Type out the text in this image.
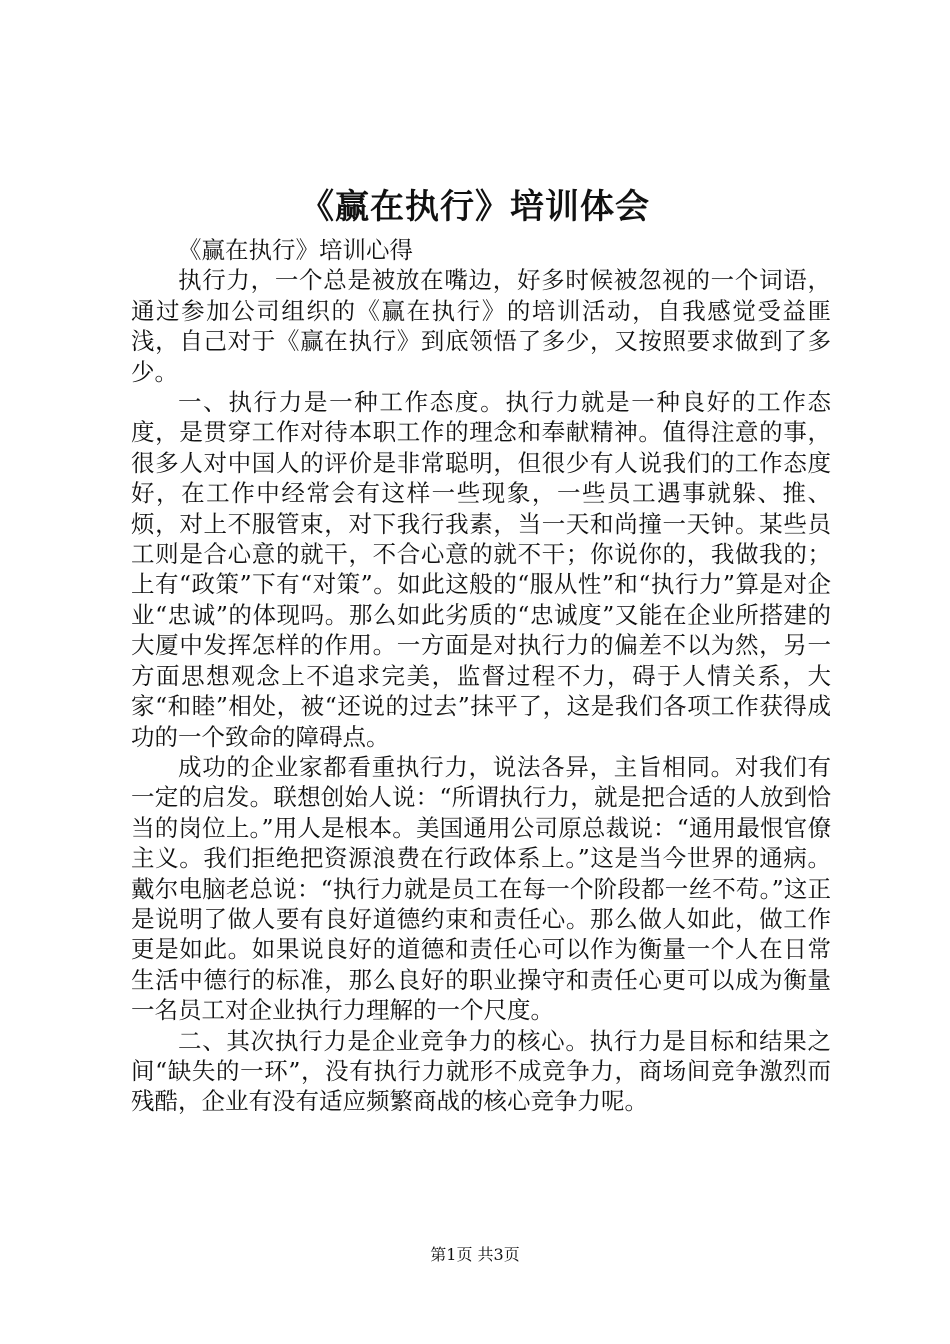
《赢在执行》培训体会

《赢在执行》培训心得

执行力，一个总是被放在嘴边，好多时候被忽视的一个词语，通过参加公司组织的《赢在执行》的培训活动，自我感觉受益匪浅，自己对于《赢在执行》到底领悟了多少，又按照要求做到了多少。

一、执行力是一种工作态度。执行力就是一种良好的工作态度，是贯穿工作对待本职工作的理念和奉献精神。值得注意的事，很多人对中国人的评价是非常聪明，但很少有人说我们的工作态度好，在工作中经常会有这样一些现象，一些员工遇事就躲、推、烦，对上不服管束，对下我行我素，当一天和尚撞一天钟。某些员工则是合心意的就干，不合心意的就不干；你说你的，我做我的；上有“政策”下有“对策”。如此这般的“服从性”和“执行力”算是对企业“忠诚”的体现吗。那么如此劣质的“忠诚度”又能在企业所搭建的大厦中发挥怎样的作用。一方面是对执行力的偏差不以为然，另一方面思想观念上不追求完美，监督过程不力，碍于人情关系，大家“和睦”相处，被“还说的过去”抹平了，这是我们各项工作获得成功的一个致命的障碍点。

成功的企业家都看重执行力，说法各异，主旨相同。对我们有一定的启发。联想创始人说：“所谓执行力，就是把合适的人放到恰当的岗位上。”用人是根本。美国通用公司原总裁说：“通用最恨官僚主义。我们拒绝把资源浪费在行政体系上。”这是当今世界的通病。戴尔电脑老总说：“执行力就是员工在每一个阶段都一丝不苟。”这正是说明了做人要有良好道德约束和责任心。那么做人如此，做工作更是如此。如果说良好的道德和责任心可以作为衡量一个人在日常生活中德行的标准，那么良好的职业操守和责任心更可以成为衡量一名员工对企业执行力理解的一个尺度。

二、其次执行力是企业竞争力的核心。执行力是目标和结果之间“缺失的一环”，没有执行力就形不成竞争力，商场间竞争激烈而残酷，企业有没有适应频繁商战的核心竞争力呢。

第1页 共3页
